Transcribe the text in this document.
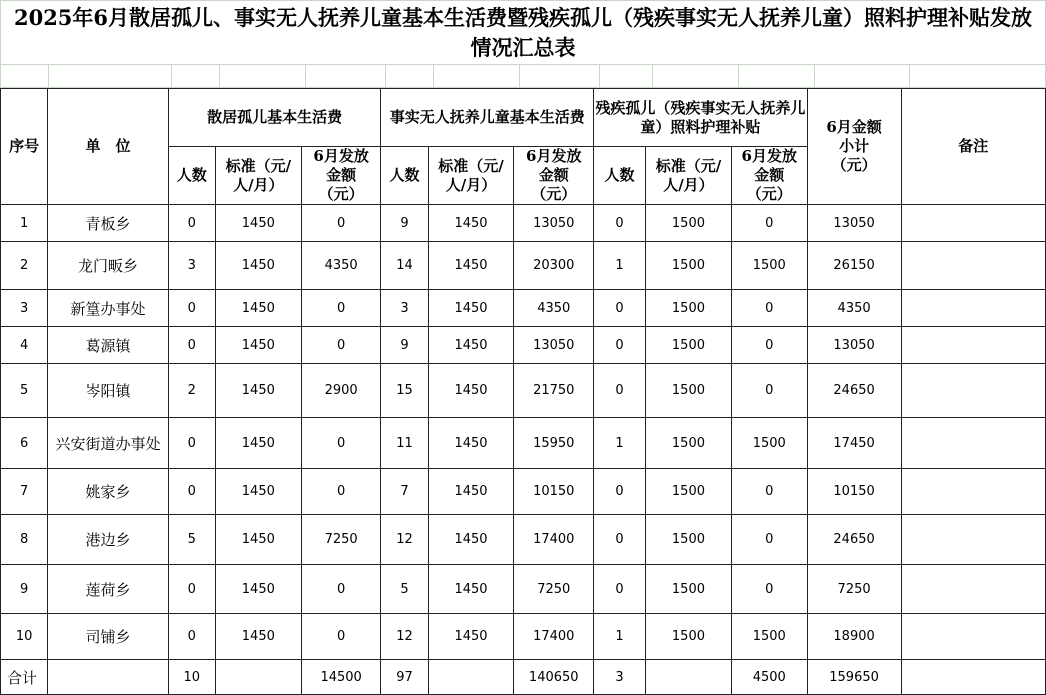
2025年6月散居孤儿、事实无人抚养儿童基本生活费暨残疾孤儿（残疾事实无人抚养儿童）照料护理补贴发放情况汇总表
序号	单　位	散居孤儿基本生活费			事实无人抚养儿童基本生活费			残疾孤儿（残疾事实无人抚养儿童）照料护理补贴			6月金额小计（元）	备注
		人数	标准（元/人/月）	6月发放金额（元）	人数	标准（元/人/月）	6月发放金额（元）	人数	标准（元/人/月）	6月发放金额（元）		

1	青板乡	0	1450	0	9	1450	13050	0	1500	0	13050	
2	龙门畈乡	3	1450	4350	14	1450	20300	1	1500	1500	26150	
3	新篁办事处	0	1450	0	3	1450	4350	0	1500	0	4350	
4	葛源镇	0	1450	0	9	1450	13050	0	1500	0	13050	
5	岑阳镇	2	1450	2900	15	1450	21750	0	1500	0	24650	
6	兴安街道办事处	0	1450	0	11	1450	15950	1	1500	1500	17450	
7	姚家乡	0	1450	0	7	1450	10150	0	1500	0	10150	
8	港边乡	5	1450	7250	12	1450	17400	0	1500	0	24650	
9	莲荷乡	0	1450	0	5	1450	7250	0	1500	0	7250	
10	司铺乡	0	1450	0	12	1450	17400	1	1500	1500	18900	
合计		10		14500	97		140650	3		4500	159650	
